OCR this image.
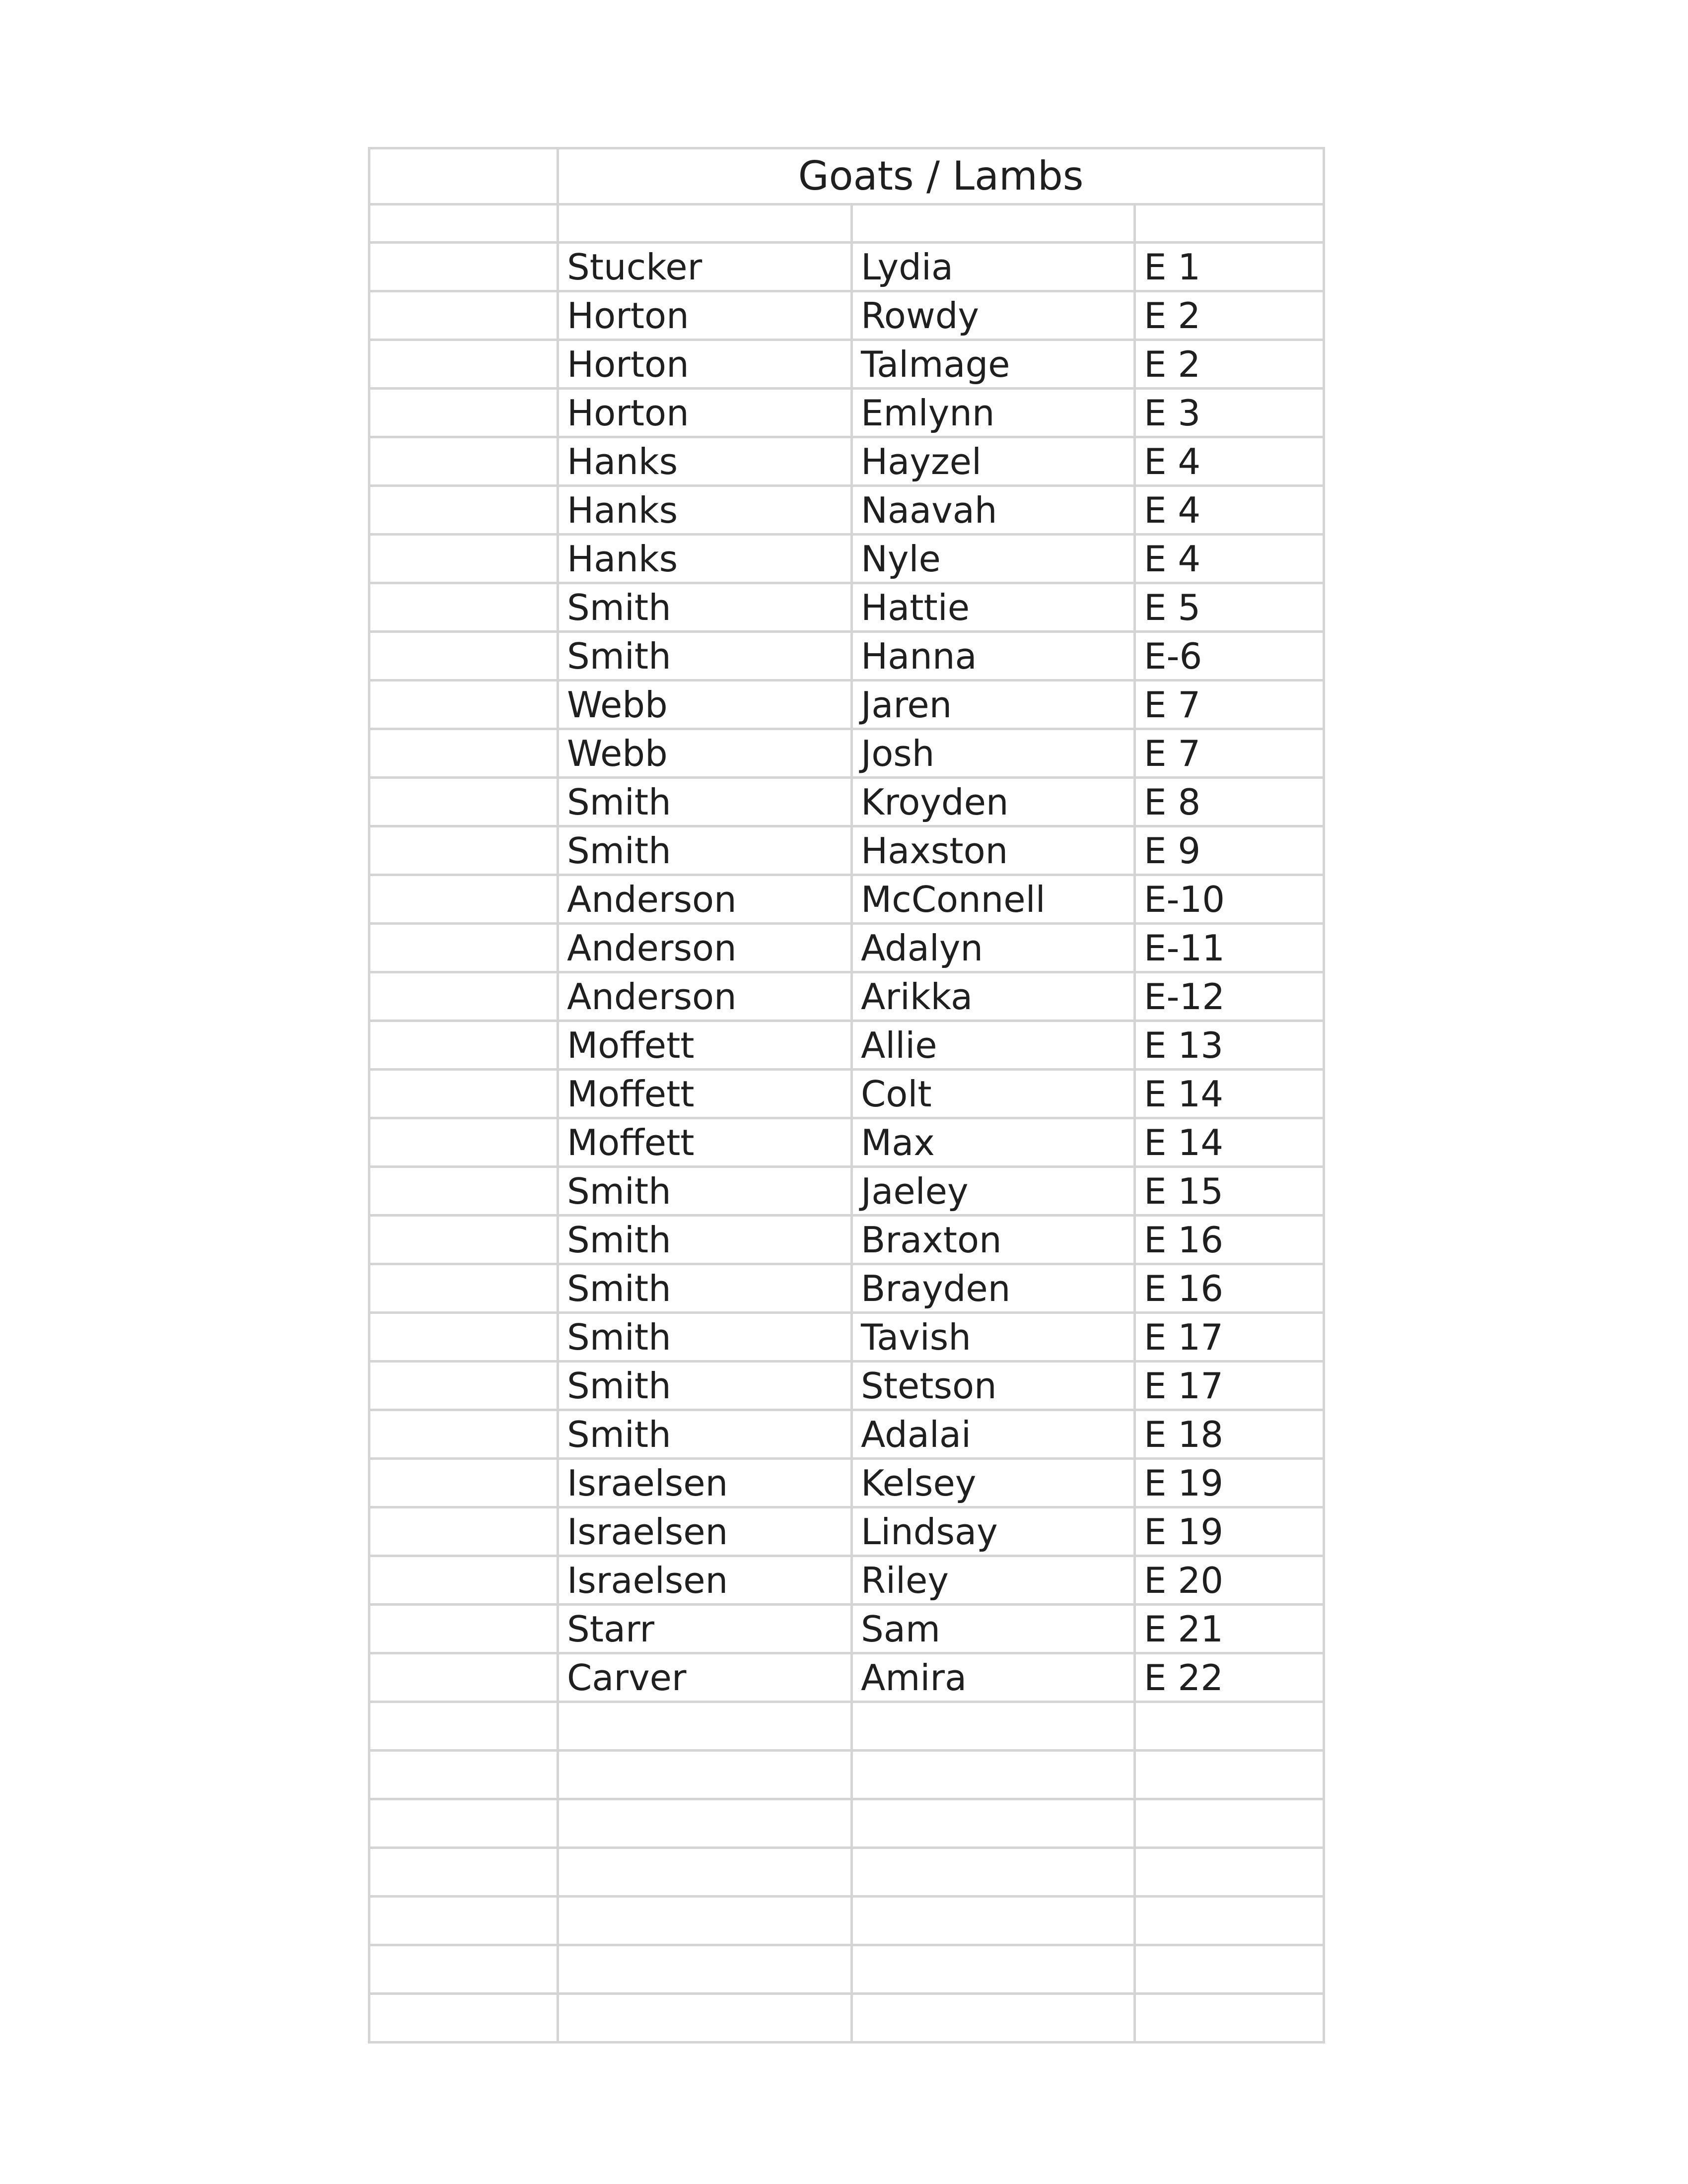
	Goats / Lambs		

	Stucker	Lydia	E 1
	Horton	Rowdy	E 2
	Horton	Talmage	E 2
	Horton	Emlynn	E 3
	Hanks	Hayzel	E 4
	Hanks	Naavah	E 4
	Hanks	Nyle	E 4
	Smith	Hattie	E 5
	Smith	Hanna	E-6
	Webb	Jaren	E 7
	Webb	Josh	E 7
	Smith	Kroyden	E 8
	Smith	Haxston	E 9
	Anderson	McConnell	E-10
	Anderson	Adalyn	E-11
	Anderson	Arikka	E-12
	Moffett	Allie	E 13
	Moffett	Colt	E 14
	Moffett	Max	E 14
	Smith	Jaeley	E 15
	Smith	Braxton	E 16
	Smith	Brayden	E 16
	Smith	Tavish	E 17
	Smith	Stetson	E 17
	Smith	Adalai	E 18
	Israelsen	Kelsey	E 19
	Israelsen	Lindsay	E 19
	Israelsen	Riley	E 20
	Starr	Sam	E 21
	Carver	Amira	E 22
